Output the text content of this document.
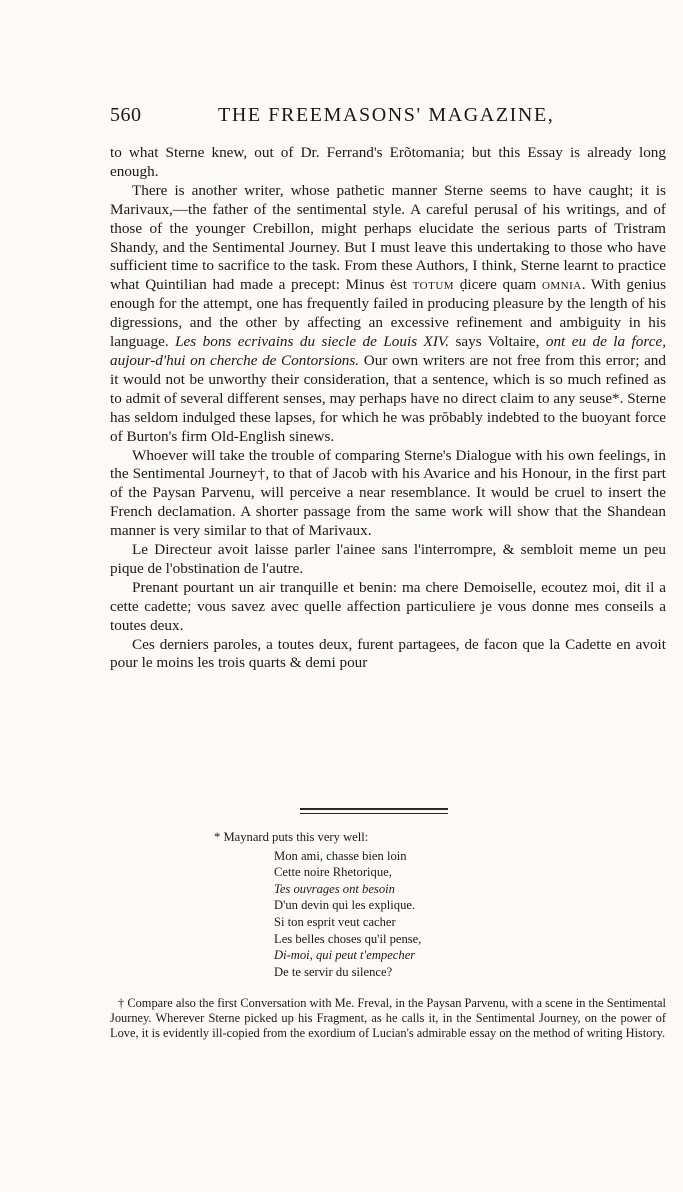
560	THE FREEMASONS' MAGAZINE,

to what Sterne knew, out of Dr. Ferrand's Erõtomania; but this Essay is already long enough.

There is another writer, whose pathetic manner Sterne seems to have caught; it is Marivaux,—the father of the sentimental style. A careful perusal of his writings, and of those of the younger Crebillon, might perhaps elucidate the serious parts of Tristram Shandy, and the Sentimental Journey. But I must leave this undertaking to those who have sufficient time to sacrifice to the task. From these Authors, I think, Sterne learnt to practice what Quintilian had made a precept: Minus ėst totum ḍicere quam omnia. With genius enough for the attempt, one has frequently failed in producing pleasure by the length of his digressions, and the other by affecting an excessive refinement and ambiguity in his language. Les bons ecrivains du siecle de Louis XIV. says Voltaire, ont eu de la force, aujour-d'hui on cherche de Contorsions. Our own writers are not free from this error; and it would not be unworthy their consideration, that a sentence, which is so much refined as to admit of several different senses, may perhaps have no direct claim to any seuse*. Sterne has seldom indulged these lapses, for which he was prŏbably indebted to the buoyant force of Burton's firm Old-English sinews.

Whoever will take the trouble of comparing Sterne's Dialogue with his own feelings, in the Sentimental Journey†, to that of Jacob with his Avarice and his Honour, in the first part of the Paysan Parvenu, will perceive a near resemblance. It would be cruel to insert the French declamation. A shorter passage from the same work will show that the Shandean manner is very similar to that of Marivaux.

Le Directeur avoit laisse parler l'ainee sans l'interrompre, & sembloit meme un peu pique de l'obstination de l'autre.

Prenant pourtant un air tranquille et benin: ma chere Demoiselle, ecoutez moi, dit il a cette cadette; vous savez avec quelle affection particuliere je vous donne mes conseils a toutes deux.

Ces derniers paroles, a toutes deux, furent partagees, de facon que la Cadette en avoit pour le moins les trois quarts & demi pour

* Maynard puts this very well:

Mon ami, chasse bien loin
Cette noire Rhetorique,
Tes ouvrages ont besoin
D'un devin qui les explique.
Si ton esprit veut cacher
Les belles choses qu'il pense,
Di-moi, qui peut t'empecher
De te servir du silence?

† Compare also the first Conversation with Me. Freval, in the Paysan Parvenu, with a scene in the Sentimental Journey. Wherever Sterne picked up his Fragment, as he calls it, in the Sentimental Journey, on the power of Love, it is evidently ill-copied from the exordium of Lucian's admirable essay on the method of writing History.
